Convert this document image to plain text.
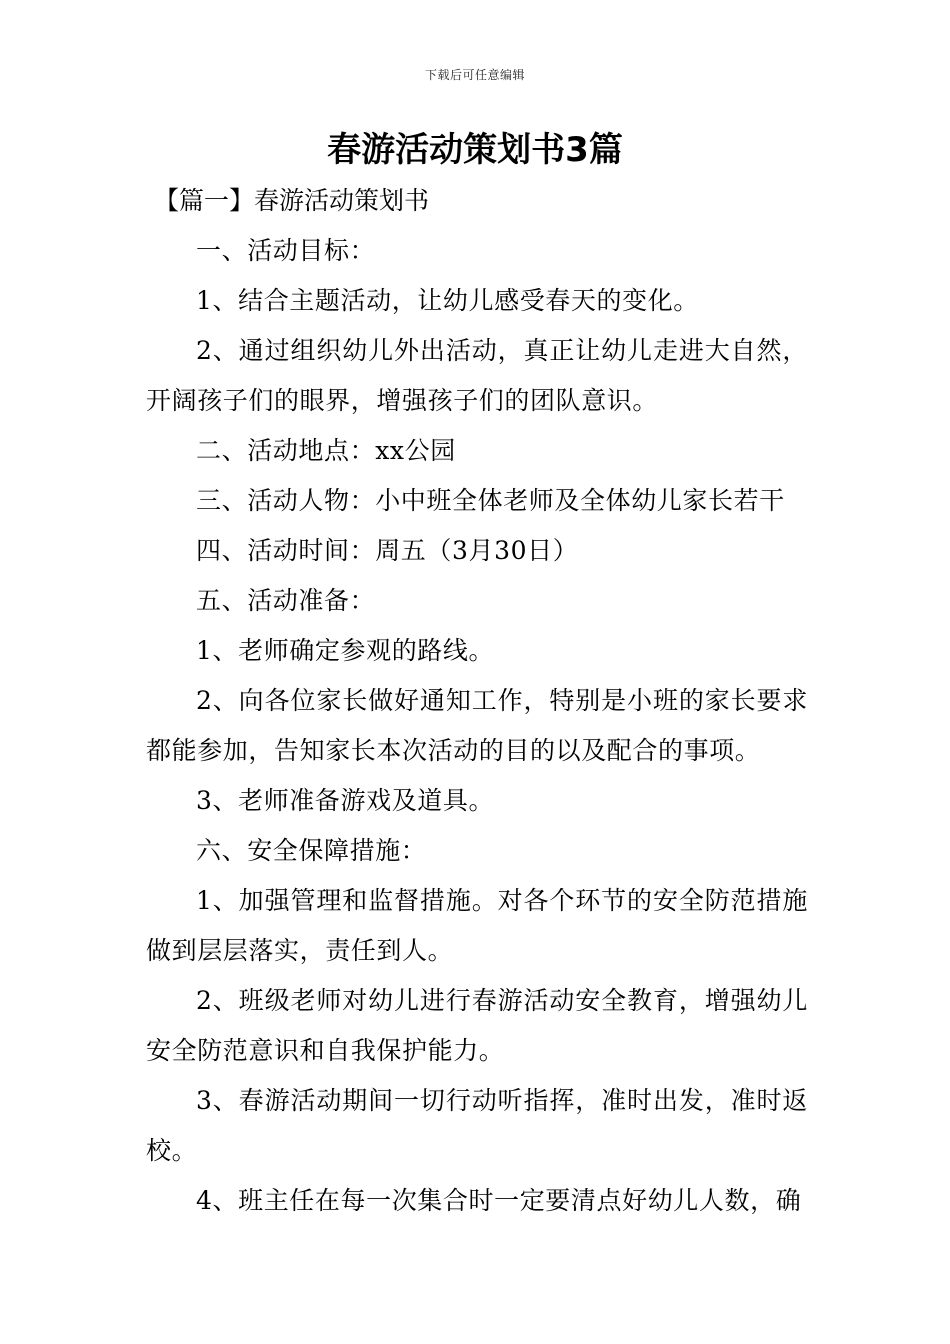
下载后可任意编辑
春游活动策划书3篇

【篇一】春游活动策划书

一、活动目标：

1、结合主题活动，让幼儿感受春天的变化。

2、通过组织幼儿外出活动，真正让幼儿走进大自然，开阔孩子们的眼界，增强孩子们的团队意识。

二、活动地点：xx公园

三、活动人物：小中班全体老师及全体幼儿家长若干

四、活动时间：周五（3月30日）

五、活动准备：

1、老师确定参观的路线。

2、向各位家长做好通知工作，特别是小班的家长要求都能参加，告知家长本次活动的目的以及配合的事项。

3、老师准备游戏及道具。

六、安全保障措施：

1、加强管理和监督措施。对各个环节的安全防范措施做到层层落实，责任到人。

2、班级老师对幼儿进行春游活动安全教育，增强幼儿安全防范意识和自我保护能力。

3、春游活动期间一切行动听指挥，准时出发，准时返校。

4、班主任在每一次集合时一定要清点好幼儿人数，确
